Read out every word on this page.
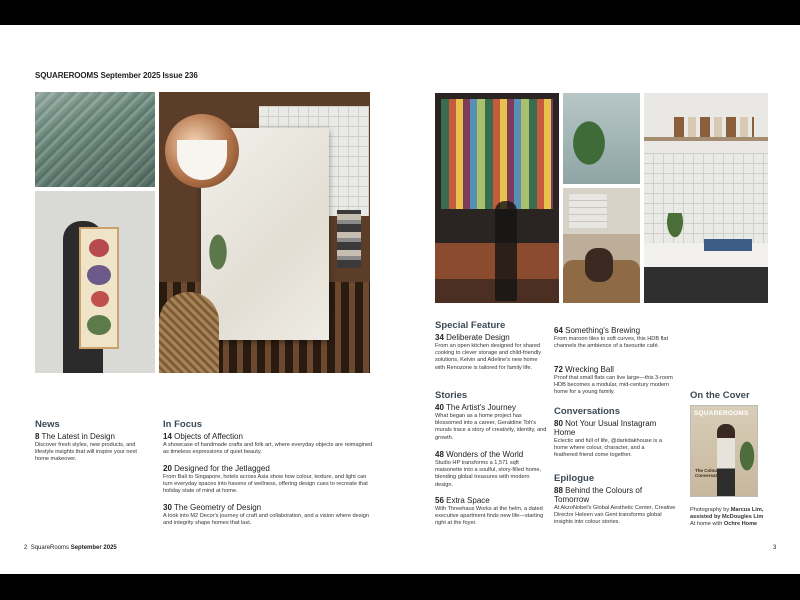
SQUAREROOMS September 2025 Issue 236
News
8 The Latest in Design
Discover fresh styles, new products, and lifestyle insights that will inspire your next home makeover.
In Focus
14 Objects of Affection
A showcase of handmade crafts and folk art, where everyday objects are reimagined as timeless expressions of quiet beauty.
20 Designed for the Jetlagged
From Bali to Singapore, hotels across Asia show how colour, texture, and light can turn everyday spaces into havens of wellness, offering design cues to recreate that holiday state of mind at home.
30 The Geometry of Design
A look into M2 Decor's journey of craft and collaboration, and a vision where design and integrity shape homes that last.
2 SquareRooms September 2025
Special Feature
34 Deliberate Design
From an open kitchen designed for shared cooking to clever storage and child-friendly solutions, Kelvin and Adeline's new home with Renozone is tailored for family life.
Stories
40 The Artist's Journey
What began as a home project has blossomed into a career, Geraldine Toh's murals trace a story of creativity, identity, and growth.
48 Wonders of the World
Studio HP transforms a 1,571 sqft maisonette into a soulful, story-filled home, blending global treasures with modern design.
56 Extra Space
With Threehaus Works at the helm, a dated executive apartment finds new life—starting right at the foyer.
64 Something's Brewing
From maroon tiles to soft curves, this HDB flat channels the ambience of a favourite café.
72 Wrecking Ball
Proof that small flats can live large—this 3-room HDB becomes a modular, mid-century modern home for a young family.
Conversations
80 Not Your Usual Instagram Home
Eclectic and full of life, @darkdakhouse is a home where colour, character, and a feathered friend come together.
Epilogue
88 Behind the Colours of Tomorrow
At AkzoNobel's Global Aesthetic Center, Creative Director Heleen van Gent transforms global insights into colour stories.
On the Cover
SQUAREROOMS
The Colour Conversation
Photography by Marcus Lim, assisted by McDougles Lim
At home with Ochre Home
3
